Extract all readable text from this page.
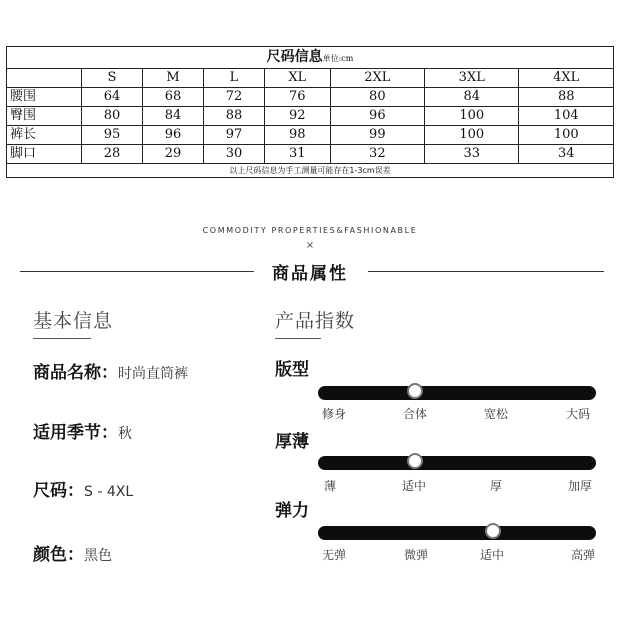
尺码信息单位:cm							
	S	M	L	XL	2XL	3XL	4XL
腰围	64	68	72	76	80	84	88
臀围	80	84	88	92	96	100	104
裤长	95	96	97	98	99	100	100
脚口	28	29	30	31	32	33	34
以上尺码信息为手工测量可能存在1-3cm误差							
COMMODITY PROPERTIES&FASHIONABLE
×
商品属性
基本信息
商品名称：时尚直筒裤
适用季节：秋
尺码：S - 4XL
颜色：黑色
产品指数
版型
修身	合体	宽松	大码
厚薄
薄	适中	厚	加厚
弹力
无弹	微弹	适中	高弹
